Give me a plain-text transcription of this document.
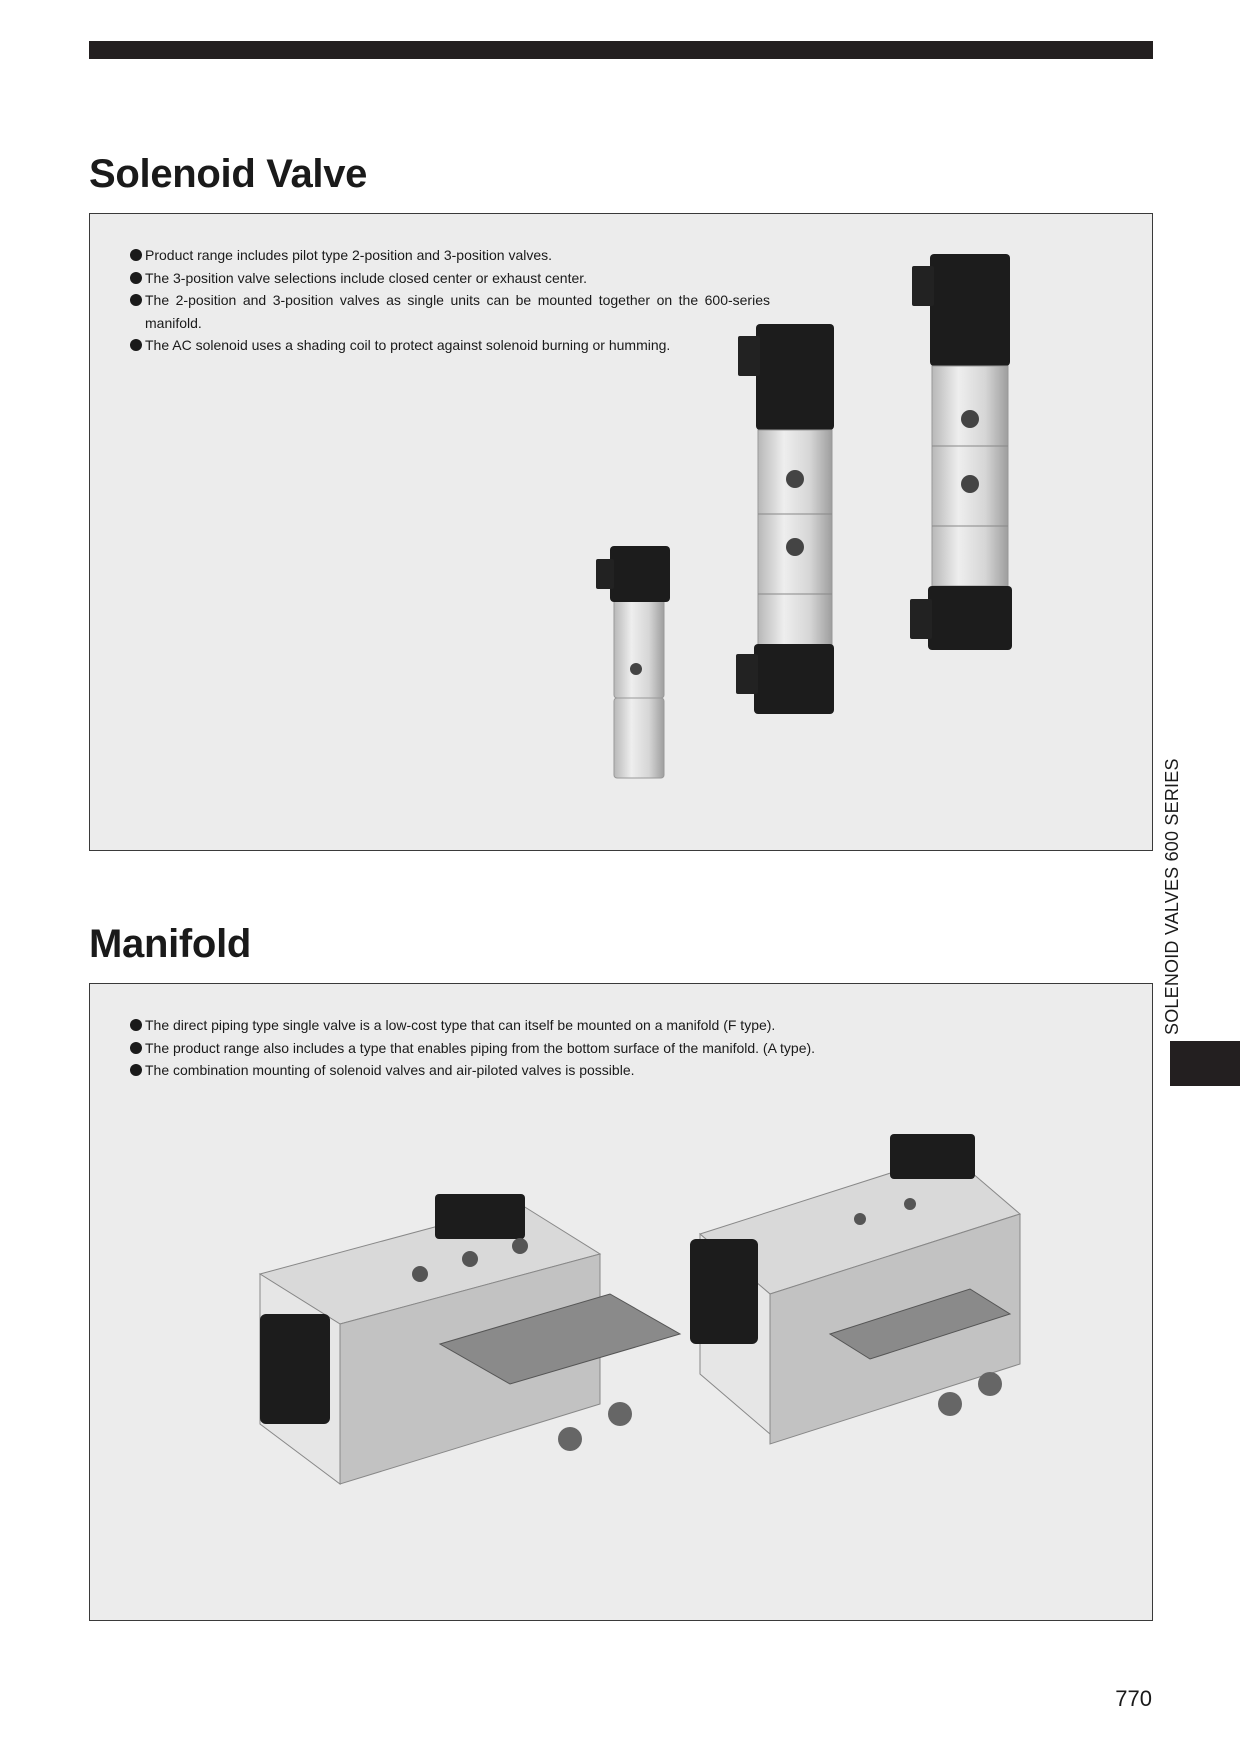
Solenoid Valve
Product range includes pilot type 2-position and 3-position valves.
The 3-position valve selections include closed center or exhaust center.
The 2-position and 3-position valves as single units can be mounted together on the 600-series manifold.
The AC solenoid uses a shading coil to protect against solenoid burning or humming.
Manifold
The direct piping type single valve is a low-cost type that can itself be mounted on a manifold (F type).
The product range also includes a type that enables piping from the bottom surface of the manifold. (A type).
The combination mounting of solenoid valves and air-piloted valves is possible.
SOLENOID VALVES 600 SERIES
770
